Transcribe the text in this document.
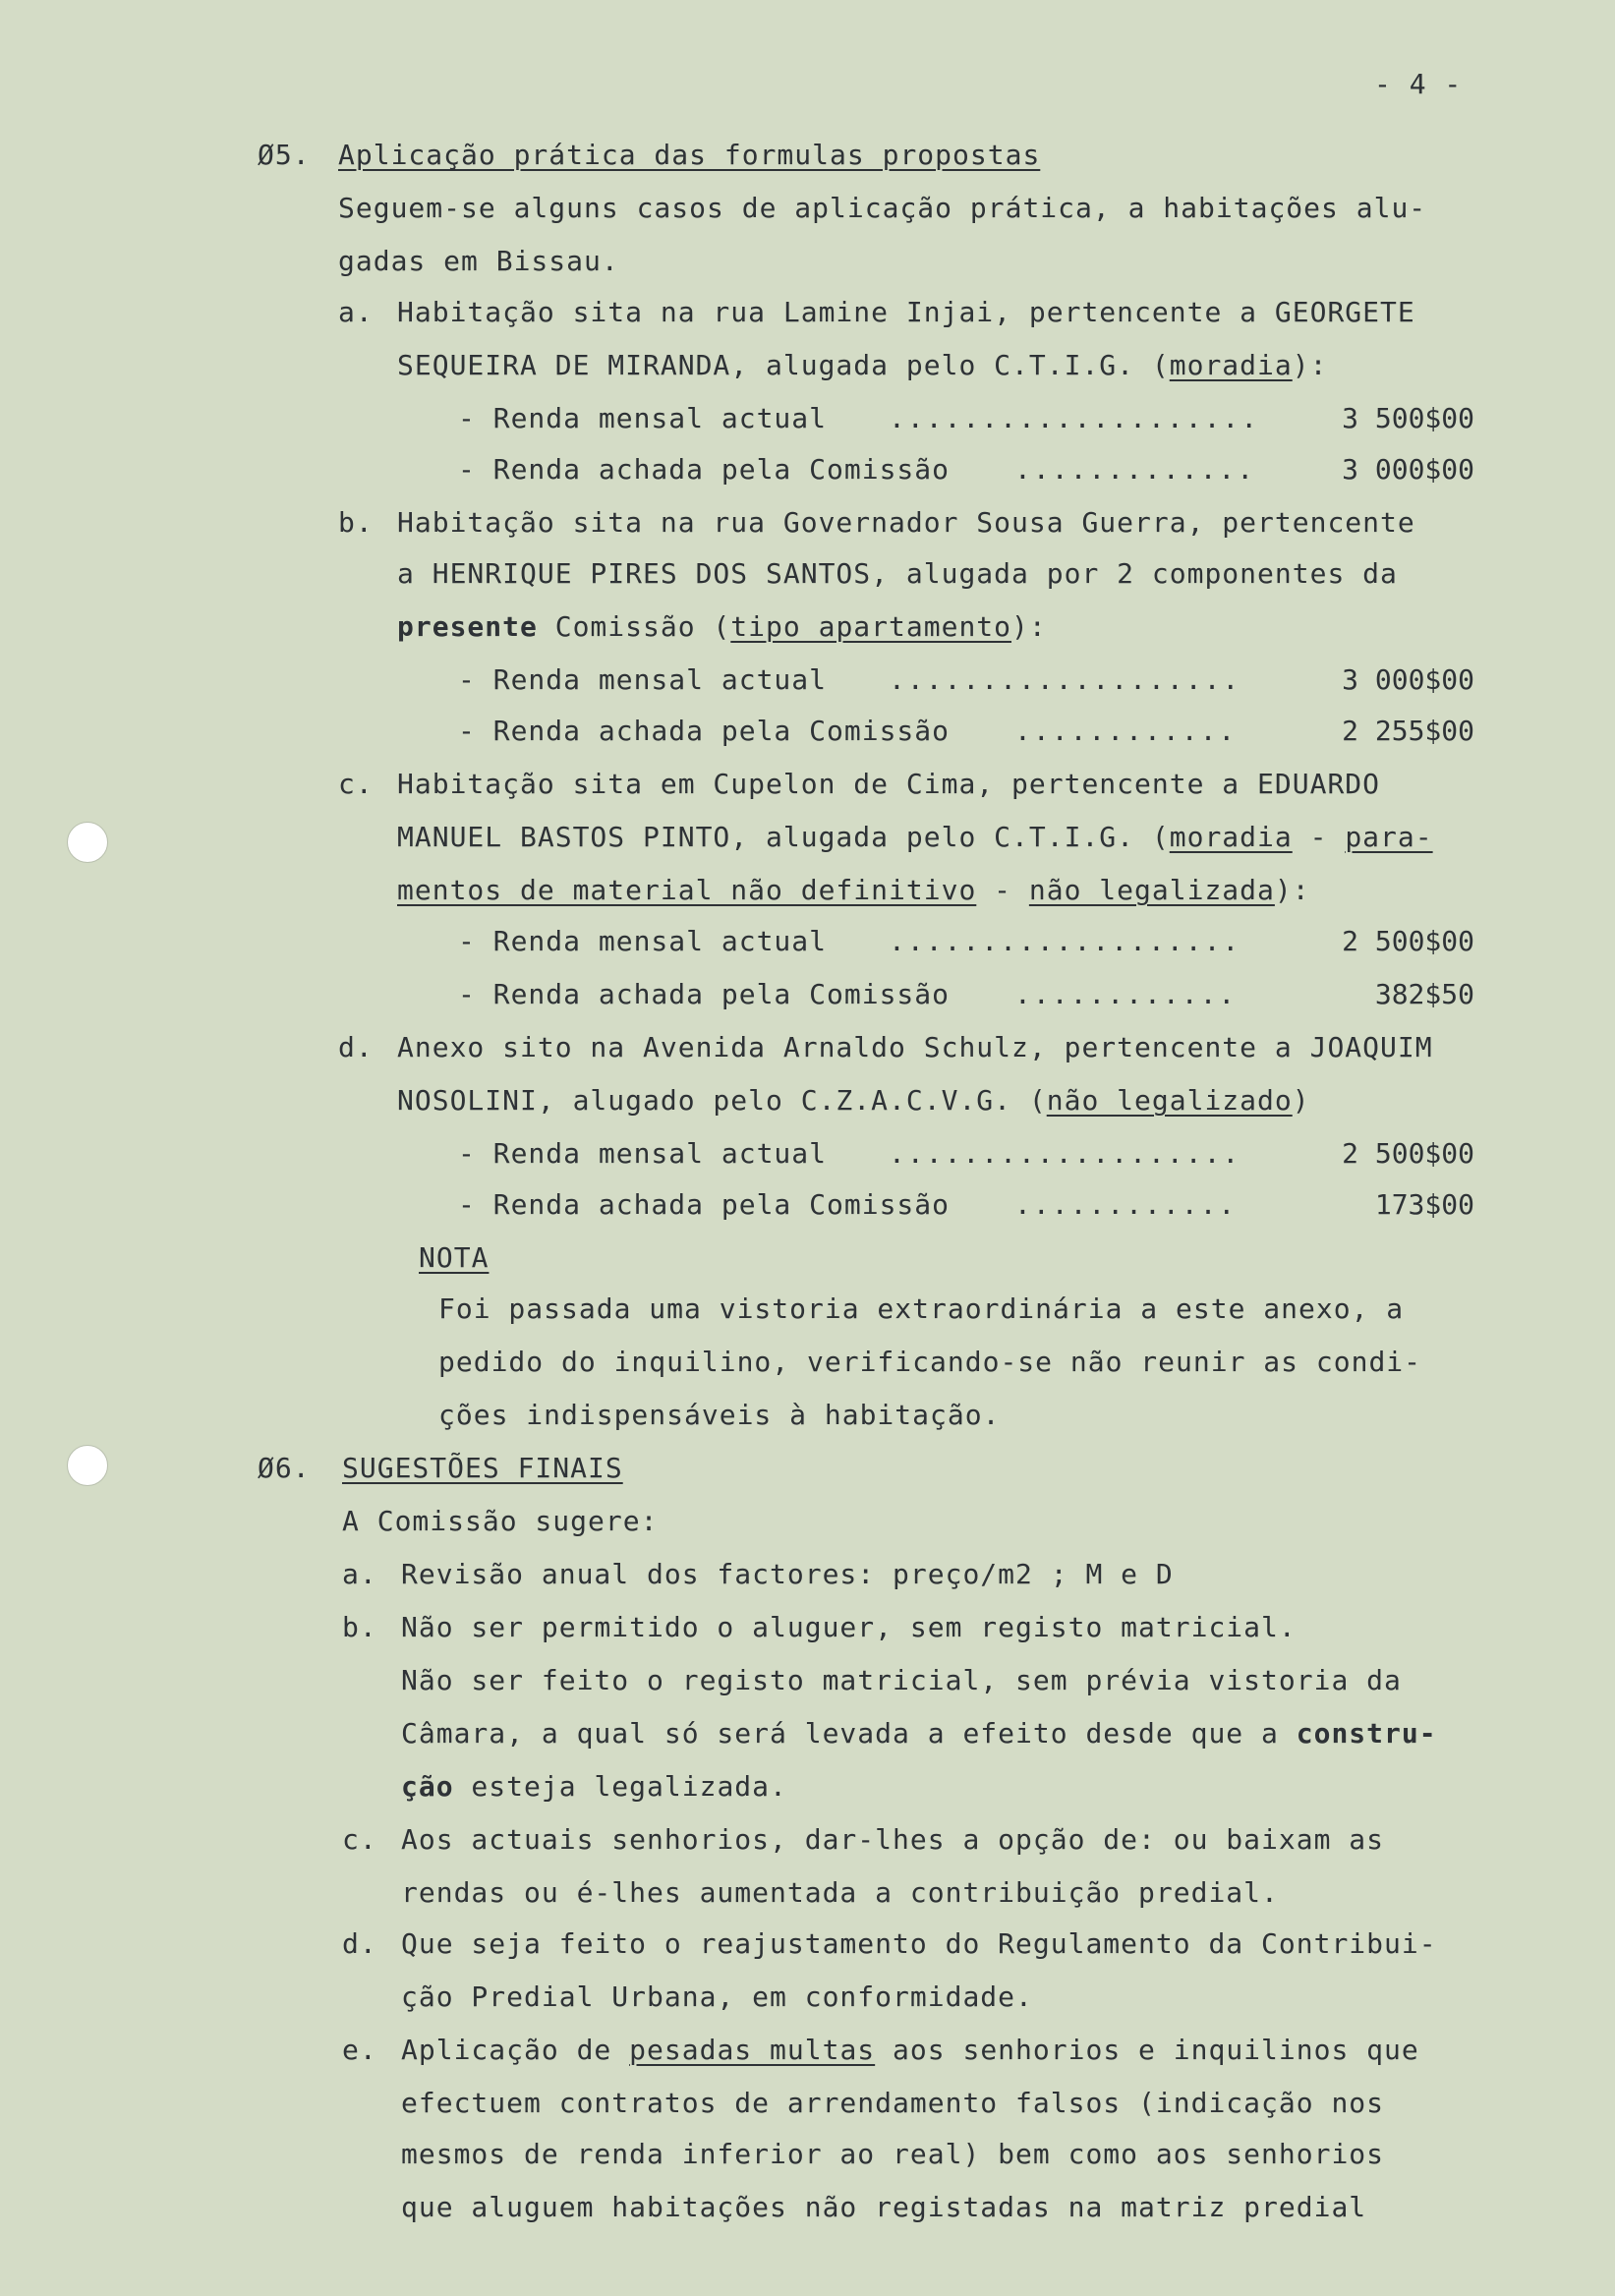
- 4 -
Ø5. Aplicação prática das formulas propostas
Seguem-se alguns casos de aplicação prática, a habitações alu-
gadas em Bissau.
a. Habitação sita na rua Lamine Injai, pertencente a GEORGETE
SEQUEIRA DE MIRANDA, alugada pelo C.T.I.G. (moradia):
- Renda mensal actual ....................	3 500$00
- Renda achada pela Comissão .............	3 000$00
b. Habitação sita na rua Governador Sousa Guerra, pertencente
a HENRIQUE PIRES DOS SANTOS, alugada por 2 componentes da
presente Comissão (tipo apartamento):
- Renda mensal actual ...................	3 000$00
- Renda achada pela Comissão ............	2 255$00
c. Habitação sita em Cupelon de Cima, pertencente a EDUARDO
MANUEL BASTOS PINTO, alugada pelo C.T.I.G. (moradia - para-
mentos de material não definitivo - não legalizada):
- Renda mensal actual ...................	2 500$00
- Renda achada pela Comissão ............	382$50
d. Anexo sito na Avenida Arnaldo Schulz, pertencente a JOAQUIM
NOSOLINI, alugado pelo C.Z.A.C.V.G. (não legalizado)
- Renda mensal actual ...................	2 500$00
- Renda achada pela Comissão ............	173$00
NOTA
Foi passada uma vistoria extraordinária a este anexo, a
pedido do inquilino, verificando-se não reunir as condi-
ções indispensáveis à habitação.
Ø6. SUGESTÕES FINAIS
A Comissão sugere:
a. Revisão anual dos factores: preço/m2 ; M e D
b. Não ser permitido o aluguer, sem registo matricial.
Não ser feito o registo matricial, sem prévia vistoria da
Câmara, a qual só será levada a efeito desde que a constru-
ção esteja legalizada.
c. Aos actuais senhorios, dar-lhes a opção de: ou baixam as
rendas ou é-lhes aumentada a contribuição predial.
d. Que seja feito o reajustamento do Regulamento da Contribui-
ção Predial Urbana, em conformidade.
e. Aplicação de pesadas multas aos senhorios e inquilinos que
efectuem contratos de arrendamento falsos (indicação nos
mesmos de renda inferior ao real) bem como aos senhorios
que aluguem habitações não registadas na matriz predial
